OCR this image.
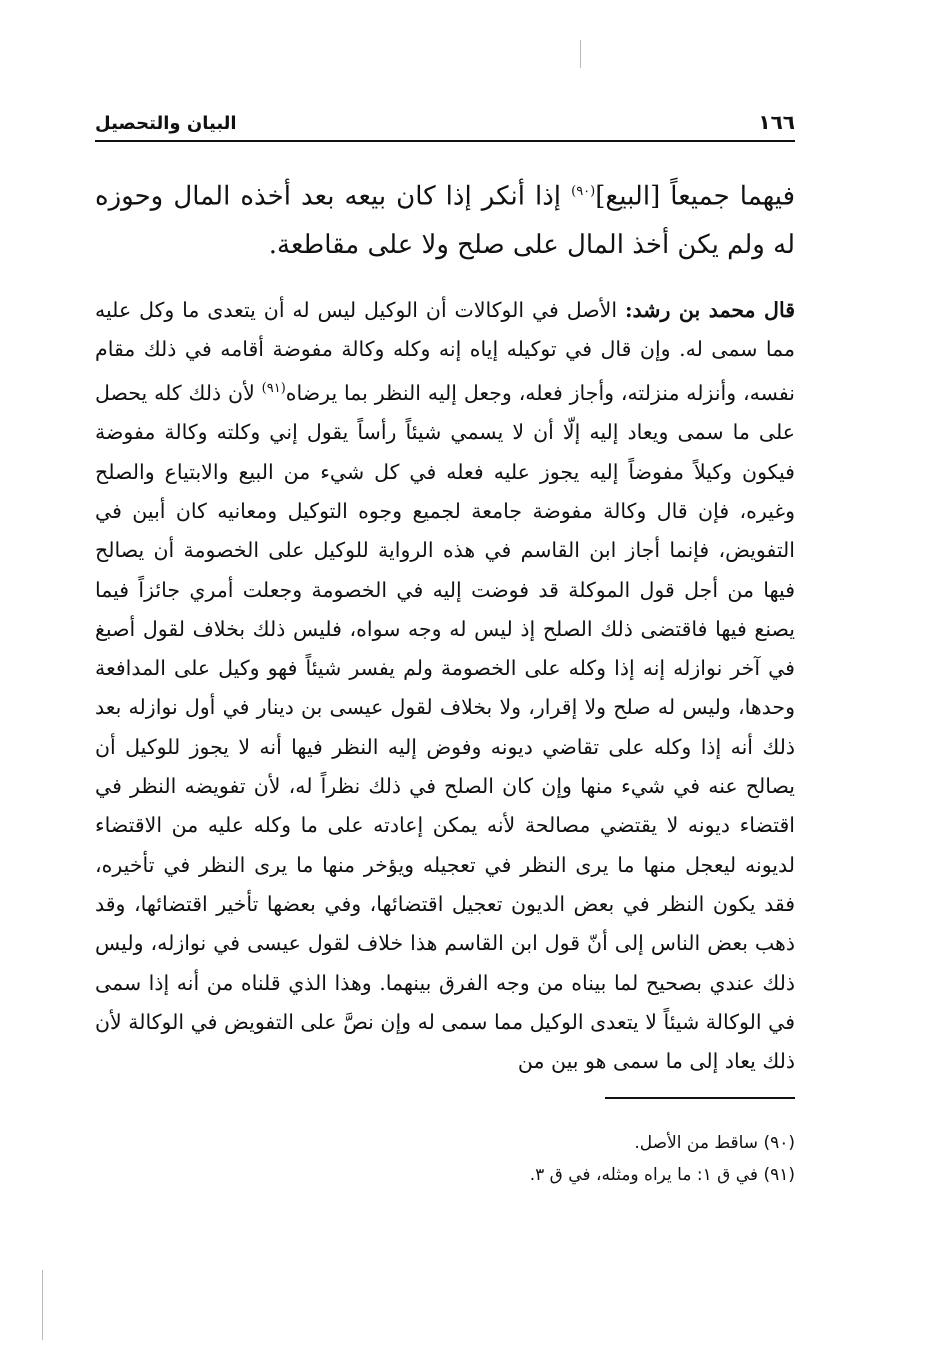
١٦٦
البيان والتحصيل
فيهما جميعاً [البيع]$^{(٩٠)}$ إذا أنكر إذا كان بيعه بعد أخذه المال وحوزه له ولم يكن أخذ المال على صلح ولا على مقاطعة.
قال محمد بن رشد: الأصل في الوكالات أن الوكيل ليس له أن يتعدى ما وكل عليه مما سمى له. وإن قال في توكيله إياه إنه وكله وكالة مفوضة أقامه في ذلك مقام نفسه، وأنزله منزلته، وأجاز فعله، وجعل إليه النظر بما يرضاه$^{(٩١)}$ لأن ذلك كله يحصل على ما سمى ويعاد إليه إلّا أن لا يسمي شيئاً رأساً يقول إني وكلته وكالة مفوضة فيكون وكيلاً مفوضاً إليه يجوز عليه فعله في كل شيء من البيع والابتياع والصلح وغيره، فإن قال وكالة مفوضة جامعة لجميع وجوه التوكيل ومعانيه كان أبين في التفويض، فإنما أجاز ابن القاسم في هذه الرواية للوكيل على الخصومة أن يصالح فيها من أجل قول الموكلة قد فوضت إليه في الخصومة وجعلت أمري جائزاً فيما يصنع فيها فاقتضى ذلك الصلح إذ ليس له وجه سواه، فليس ذلك بخلاف لقول أصبغ في آخر نوازله إنه إذا وكله على الخصومة ولم يفسر شيئاً فهو وكيل على المدافعة وحدها، وليس له صلح ولا إقرار، ولا بخلاف لقول عيسى بن دينار في أول نوازله بعد ذلك أنه إذا وكله على تقاضي ديونه وفوض إليه النظر فيها أنه لا يجوز للوكيل أن يصالح عنه في شيء منها وإن كان الصلح في ذلك نظراً له، لأن تفويضه النظر في اقتضاء ديونه لا يقتضي مصالحة لأنه يمكن إعادته على ما وكله عليه من الاقتضاء لديونه ليعجل منها ما يرى النظر في تعجيله ويؤخر منها ما يرى النظر في تأخيره، فقد يكون النظر في بعض الديون تعجيل اقتضائها، وفي بعضها تأخير اقتضائها، وقد ذهب بعض الناس إلى أنّ قول ابن القاسم هذا خلاف لقول عيسى في نوازله، وليس ذلك عندي بصحيح لما بيناه من وجه الفرق بينهما. وهذا الذي قلناه من أنه إذا سمى في الوكالة شيئاً لا يتعدى الوكيل مما سمى له وإن نصَّ على التفويض في الوكالة لأن ذلك يعاد إلى ما سمى هو بين من
(٩٠) ساقط من الأصل.
(٩١) في ق ١: ما يراه ومثله، في ق ٣.
